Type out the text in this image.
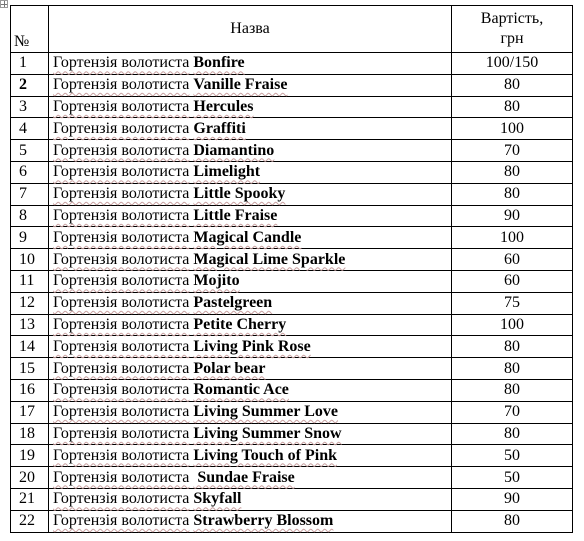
№	Назва	Вартість,
грн
1	Гортензія волотиста Bonfire	100/150
2	Гортензія волотиста Vanille Fraise	80
3	Гортензія волотиста Hercules	80
4	Гортензія волотиста Graffiti	100
5	Гортензія волотиста Diamantino	70
6	Гортензія волотиста Limelight	80
7	Гортензія волотиста Little Spooky	80
8	Гортензія волотиста Little Fraise	90
9	Гортензія волотиста Magical Candle	100
10	Гортензія волотиста Magical Lime Sparkle	60
11	Гортензія волотиста Mojito	60
12	Гортензія волотиста Pastelgreen	75
13	Гортензія волотиста Petite Cherry	100
14	Гортензія волотиста Living Pink Rose	80
15	Гортензія волотиста Polar bear	80
16	Гортензія волотиста Romantic Ace	80
17	Гортензія волотиста Living Summer Love	70
18	Гортензія волотиста Living Summer Snow	80
19	Гортензія волотиста Living Touch of Pink	50
20	Гортензія волотиста  Sundae Fraise	50
21	Гортензія волотиста Skyfall	90
22	Гортензія волотиста Strawberry Blossom	80
